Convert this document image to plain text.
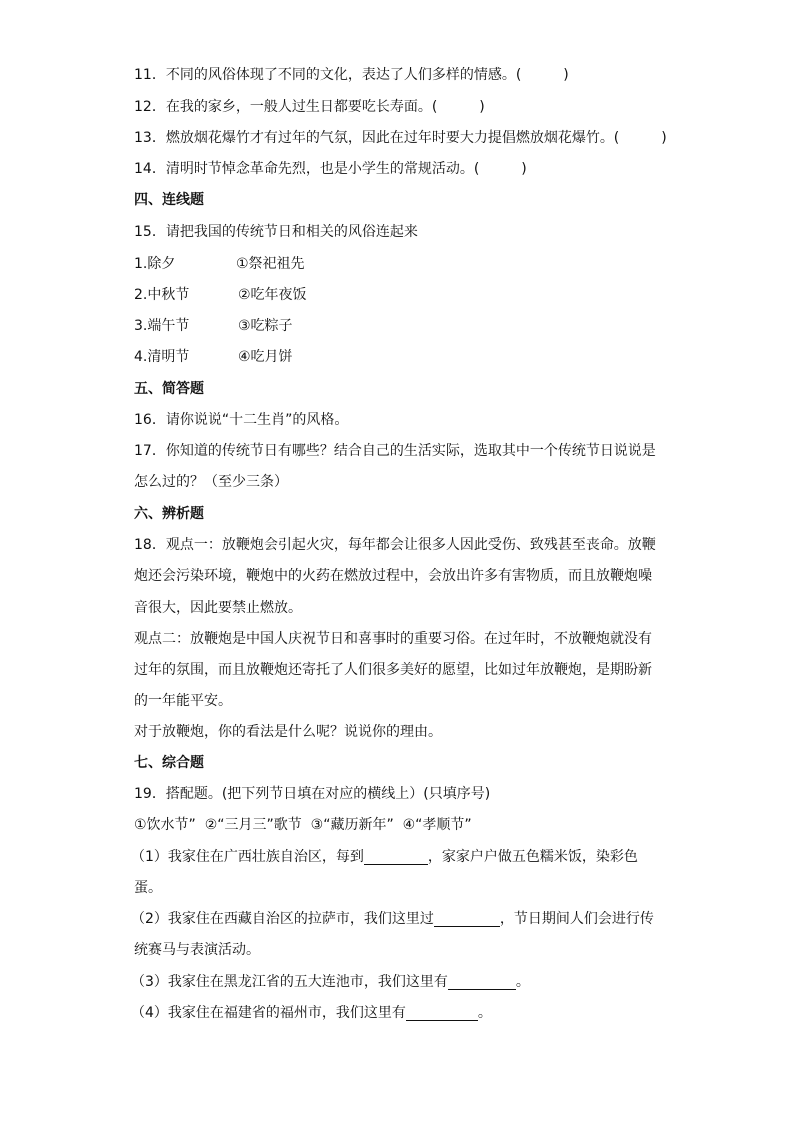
11．不同的风俗体现了不同的文化，表达了人们多样的情感。(　　　)
12．在我的家乡，一般人过生日都要吃长寿面。(　　　)
13．燃放烟花爆竹才有过年的气氛，因此在过年时要大力提倡燃放烟花爆竹。(　　　)
14．清明时节悼念革命先烈，也是小学生的常规活动。(　　　)
四、连线题
15．请把我国的传统节日和相关的风俗连起来
1.除夕	①祭祀祖先
2.中秋节	②吃年夜饭
3.端午节	③吃粽子
4.清明节	④吃月饼
五、简答题
16．请你说说“十二生肖”的风格。
17．你知道的传统节日有哪些？结合自己的生活实际，选取其中一个传统节日说说是
怎么过的？（至少三条）
六、辨析题
18．观点一：放鞭炮会引起火灾，每年都会让很多人因此受伤、致残甚至丧命。放鞭
炮还会污染环境，鞭炮中的火药在燃放过程中，会放出许多有害物质，而且放鞭炮噪
音很大，因此要禁止燃放。
观点二：放鞭炮是中国人庆祝节日和喜事时的重要习俗。在过年时，不放鞭炮就没有
过年的氛围，而且放鞭炮还寄托了人们很多美好的愿望，比如过年放鞭炮，是期盼新
的一年能平安。
对于放鞭炮，你的看法是什么呢？说说你的理由。
七、综合题
19．搭配题。(把下列节日填在对应的横线上）(只填序号)
①饮水节”  ②“三月三”歌节  ③“藏历新年”  ④“孝顺节”
（1）我家住在广西壮族自治区，每到	，家家户户做五色糯米饭，染彩色
蛋。
（2）我家住在西藏自治区的拉萨市，我们这里过	，节日期间人们会进行传
统赛马与表演活动。
（3）我家住在黑龙江省的五大连池市，我们这里有	。
（4）我家住在福建省的福州市，我们这里有	。
